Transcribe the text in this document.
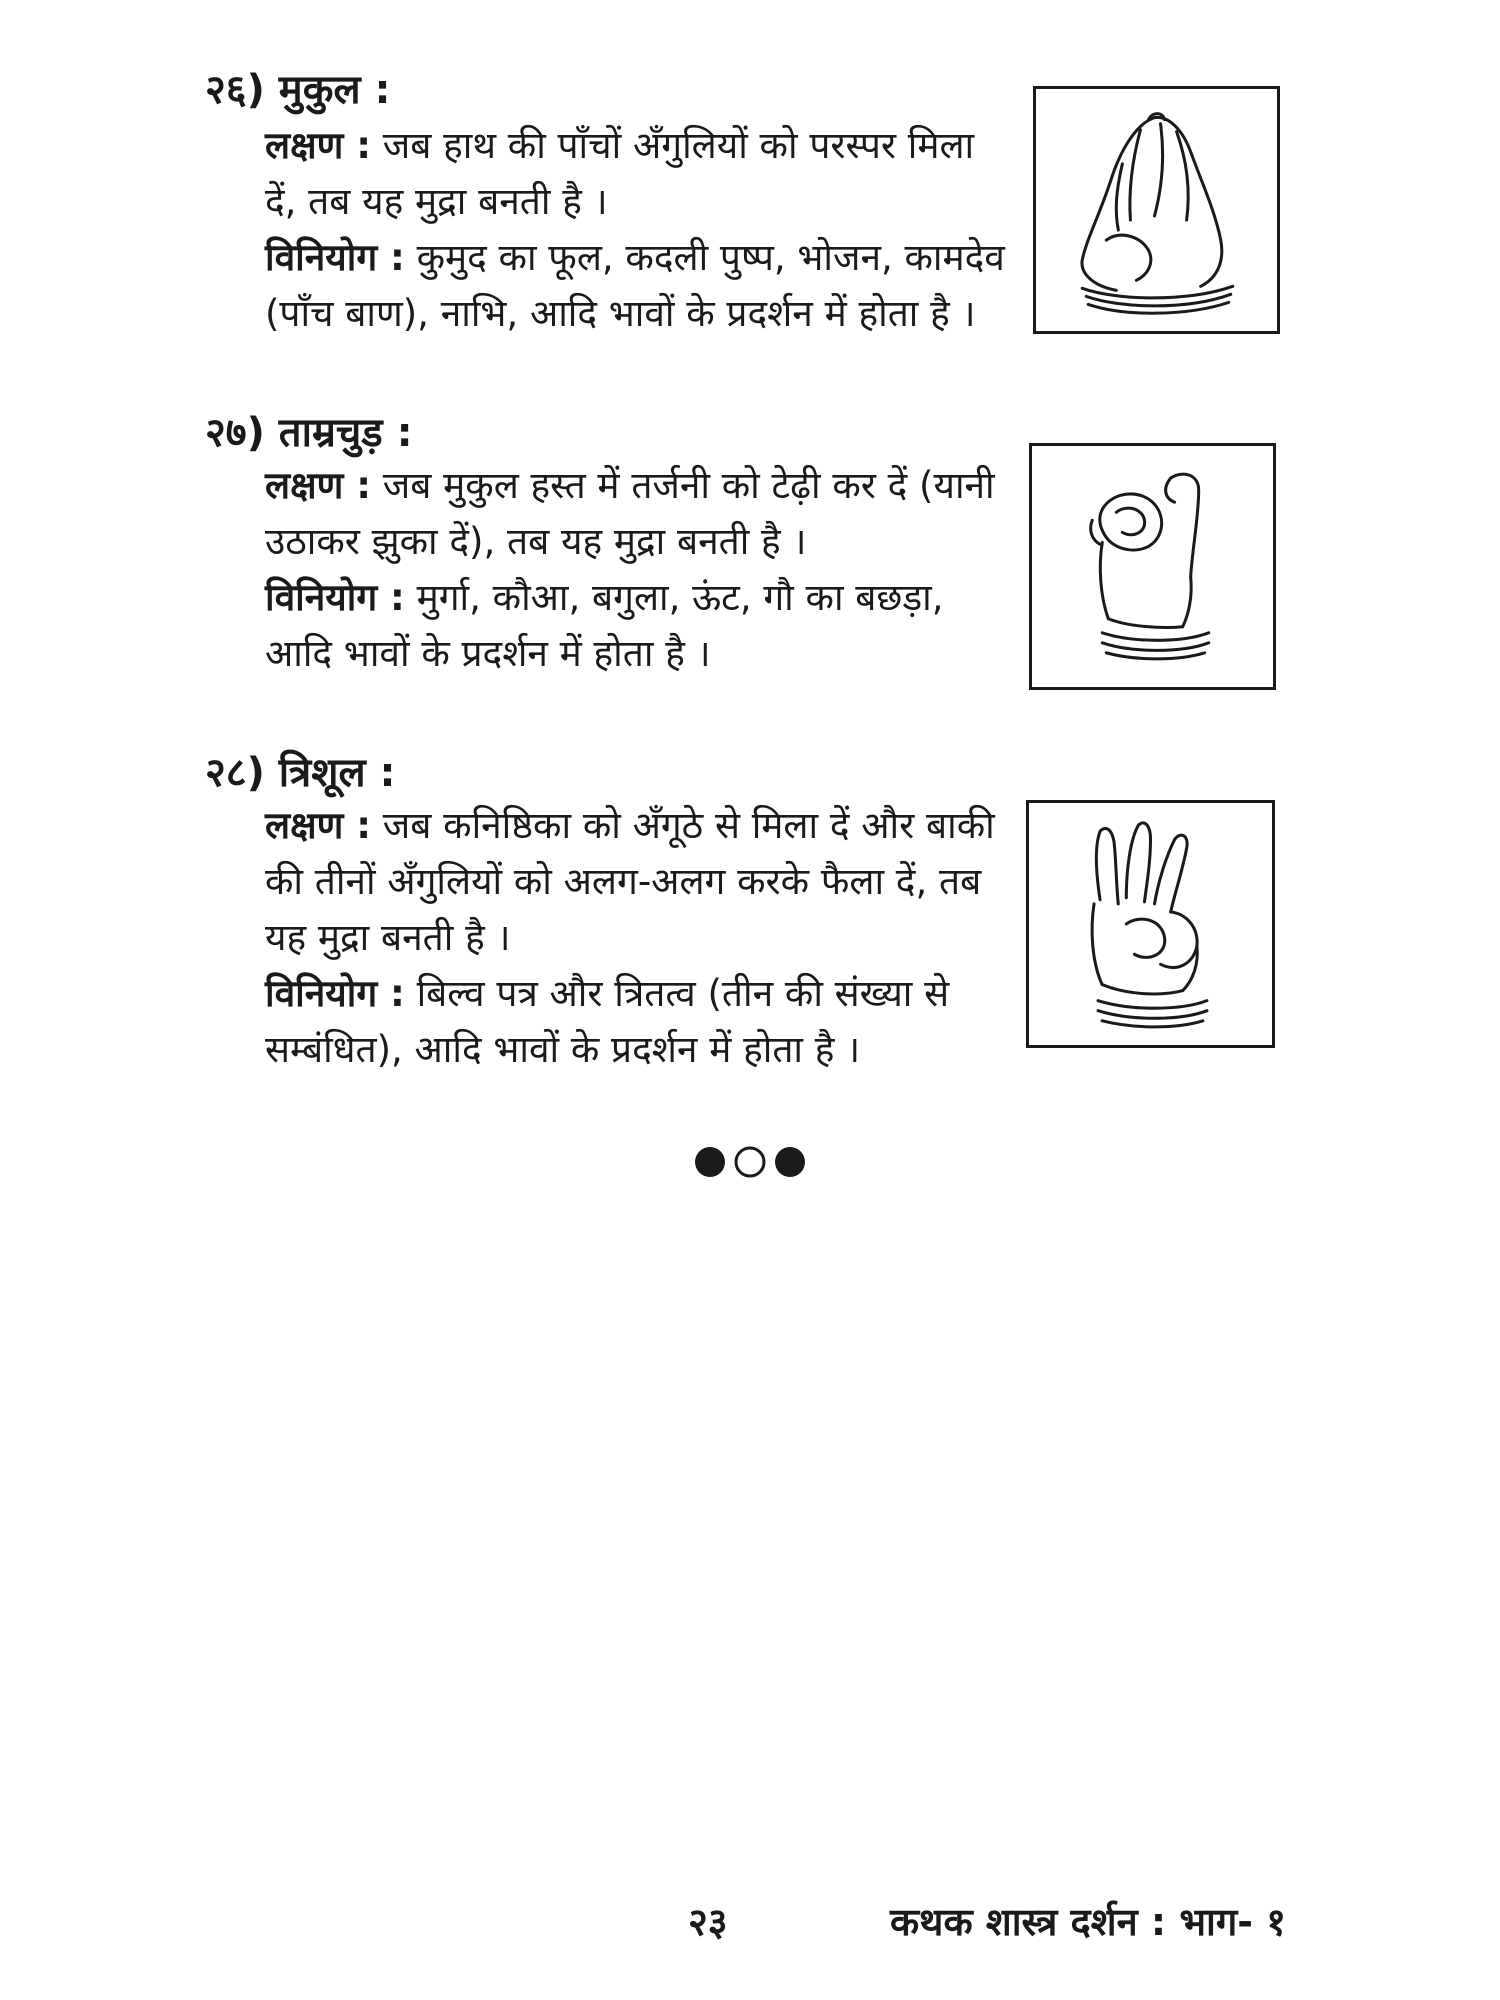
२६) मुकुल :

लक्षण : जब हाथ की पाँचों अँगुलियों को परस्पर मिला दें, तब यह मुद्रा बनती है ।

विनियोग : कुमुद का फूल, कदली पुष्प, भोजन, कामदेव (पाँच बाण), नाभि, आदि भावों के प्रदर्शन में होता है ।

२७) ताम्रचुड़ :

लक्षण : जब मुकुल हस्त में तर्जनी को टेढ़ी कर दें (यानी उठाकर झुका दें), तब यह मुद्रा बनती है ।

विनियोग : मुर्गा, कौआ, बगुला, ऊंट, गौ का बछड़ा, आदि भावों के प्रदर्शन में होता है ।

२८) त्रिशूल :

लक्षण : जब कनिष्ठिका को अँगूठे से मिला दें और बाकी की तीनों अँगुलियों को अलग-अलग करके फैला दें, तब यह मुद्रा बनती है ।

विनियोग : बिल्व पत्र और त्रितत्व (तीन की संख्या से सम्बंधित), आदि भावों के प्रदर्शन में होता है ।

२३	कथक शास्त्र दर्शन : भाग- १
